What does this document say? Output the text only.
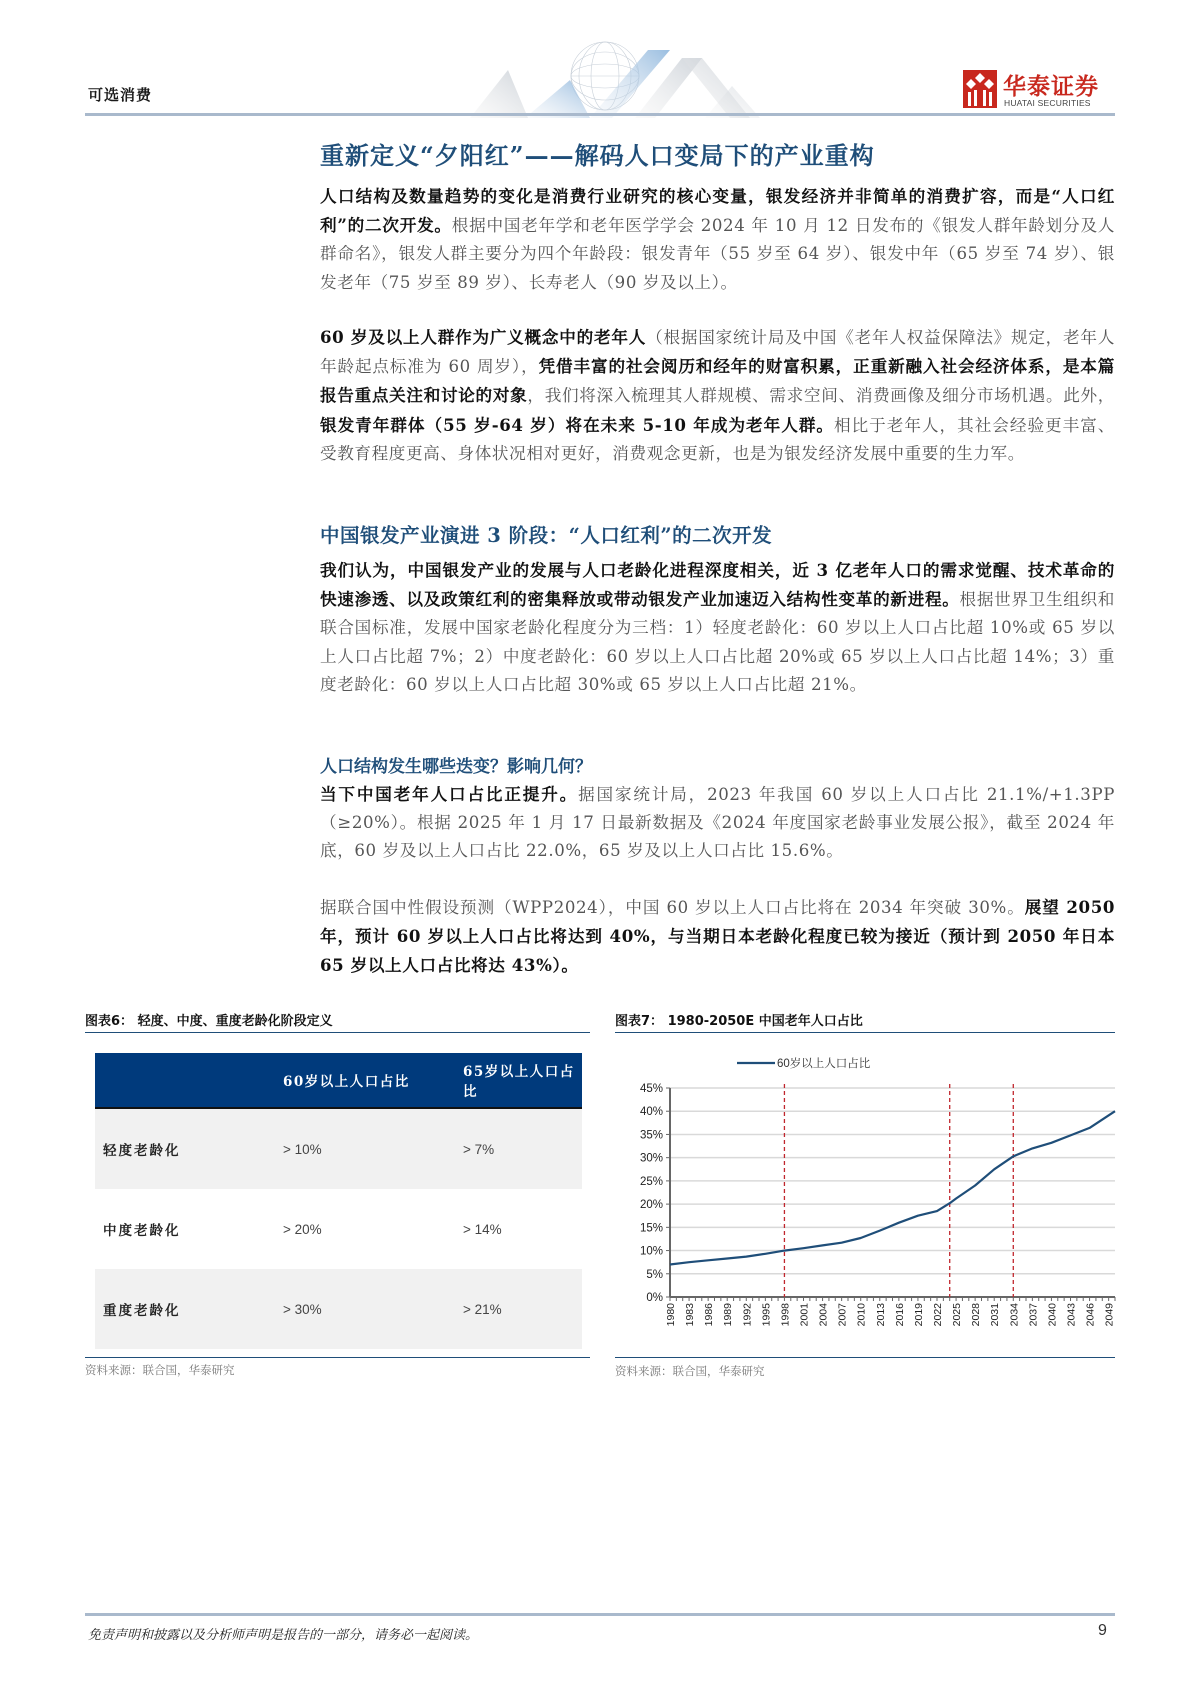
可选消费	华泰证券
HUATAI SECURITIES
重新定义“夕阳红”——解码人口变局下的产业重构
人口结构及数量趋势的变化是消费行业研究的核心变量，银发经济并非简单的消费扩容，而是“人口红利”的二次开发。根据中国老年学和老年医学学会 2024 年 10 月 12 日发布的《银发人群年龄划分及人群命名》，银发人群主要分为四个年龄段：银发青年（55 岁至 64 岁）、银发中年（65 岁至 74 岁）、银发老年（75 岁至 89 岁）、长寿老人（90 岁及以上）。
60 岁及以上人群作为广义概念中的老年人（根据国家统计局及中国《老年人权益保障法》规定，老年人年龄起点标准为 60 周岁），凭借丰富的社会阅历和经年的财富积累，正重新融入社会经济体系，是本篇报告重点关注和讨论的对象，我们将深入梳理其人群规模、需求空间、消费画像及细分市场机遇。此外，银发青年群体（55 岁-64 岁）将在未来 5-10 年成为老年人群。相比于老年人，其社会经验更丰富、受教育程度更高、身体状况相对更好，消费观念更新，也是为银发经济发展中重要的生力军。
中国银发产业演进 3 阶段：“人口红利”的二次开发
我们认为，中国银发产业的发展与人口老龄化进程深度相关，近 3 亿老年人口的需求觉醒、技术革命的快速渗透、以及政策红利的密集释放或带动银发产业加速迈入结构性变革的新进程。根据世界卫生组织和联合国标准，发展中国家老龄化程度分为三档：1）轻度老龄化：60 岁以上人口占比超 10%或 65 岁以上人口占比超 7%；2）中度老龄化：60 岁以上人口占比超 20%或 65 岁以上人口占比超 14%；3）重度老龄化：60 岁以上人口占比超 30%或 65 岁以上人口占比超 21%。
人口结构发生哪些迭变？影响几何？
当下中国老年人口占比正提升。据国家统计局，2023 年我国 60 岁以上人口占比 21.1%/+1.3PP（≥20%）。根据 2025 年 1 月 17 日最新数据及《2024 年度国家老龄事业发展公报》，截至 2024 年底，60 岁及以上人口占比 22.0%，65 岁及以上人口占比 15.6%。
据联合国中性假设预测（WPP2024），中国 60 岁以上人口占比将在 2034 年突破 30%。展望 2050 年，预计 60 岁以上人口占比将达到 40%，与当期日本老龄化程度已较为接近（预计到 2050 年日本 65 岁以上人口占比将达 43%）。
图表6： 轻度、中度、重度老龄化阶段定义
	60岁以上人口占比	65岁以上人口占比
轻度老龄化	> 10%	> 7%
中度老龄化	> 20%	> 14%
重度老龄化	> 30%	> 21%
资料来源：联合国，华泰研究
图表7： 1980-2050E 中国老年人口占比
0%
5%
10%
15%
20%
25%
30%
35%
40%
45%
1980 1983 1986 1989 1992 1995 1998 2001 2004 2007 2010 2013 2016 2019 2022 2025 2028 2031 2034 2037 2040 2043 2046 2049
60岁以上人口占比
资料来源：联合国，华泰研究
免责声明和披露以及分析师声明是报告的一部分，请务必一起阅读。	9
